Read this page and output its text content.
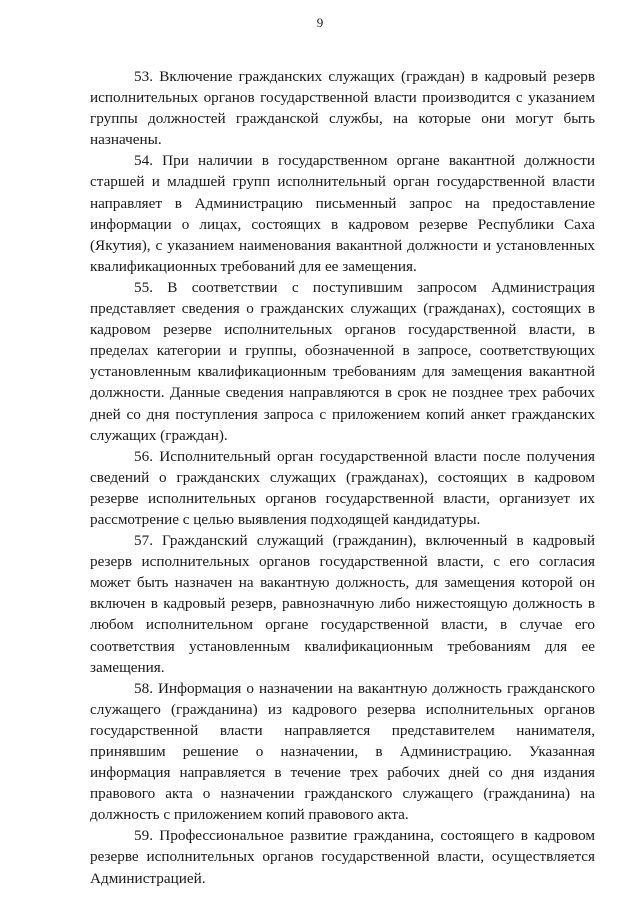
9

53. Включение гражданских служащих (граждан) в кадровый резерв исполнительных органов государственной власти производится с указанием группы должностей гражданской службы, на которые они могут быть назначены.

54. При наличии в государственном органе вакантной должности старшей и младшей групп исполнительный орган государственной власти направляет в Администрацию письменный запрос на предоставление информации о лицах, состоящих в кадровом резерве Республики Саха (Якутия), с указанием наименования вакантной должности и установленных квалификационных требований для ее замещения.

55. В соответствии с поступившим запросом Администрация представляет сведения о гражданских служащих (гражданах), состоящих в кадровом резерве исполнительных органов государственной власти, в пределах категории и группы, обозначенной в запросе, соответствующих установленным квалификационным требованиям для замещения вакантной должности. Данные сведения направляются в срок не позднее трех рабочих дней со дня поступления запроса с приложением копий анкет гражданских служащих (граждан).

56. Исполнительный орган государственной власти после получения сведений о гражданских служащих (гражданах), состоящих в кадровом резерве исполнительных органов государственной власти, организует их рассмотрение с целью выявления подходящей кандидатуры.

57. Гражданский служащий (гражданин), включенный в кадровый резерв исполнительных органов государственной власти, с его согласия может быть назначен на вакантную должность, для замещения которой он включен в кадровый резерв, равнозначную либо нижестоящую должность в любом исполнительном органе государственной власти, в случае его соответствия установленным квалификационным требованиям для ее замещения.

58. Информация о назначении на вакантную должность гражданского служащего (гражданина) из кадрового резерва исполнительных органов государственной власти направляется представителем нанимателя, принявшим решение о назначении, в Администрацию. Указанная информация направляется в течение трех рабочих дней со дня издания правового акта о назначении гражданского служащего (гражданина) на должность с приложением копий правового акта.

59. Профессиональное развитие гражданина, состоящего в кадровом резерве исполнительных органов государственной власти, осуществляется Администрацией.
